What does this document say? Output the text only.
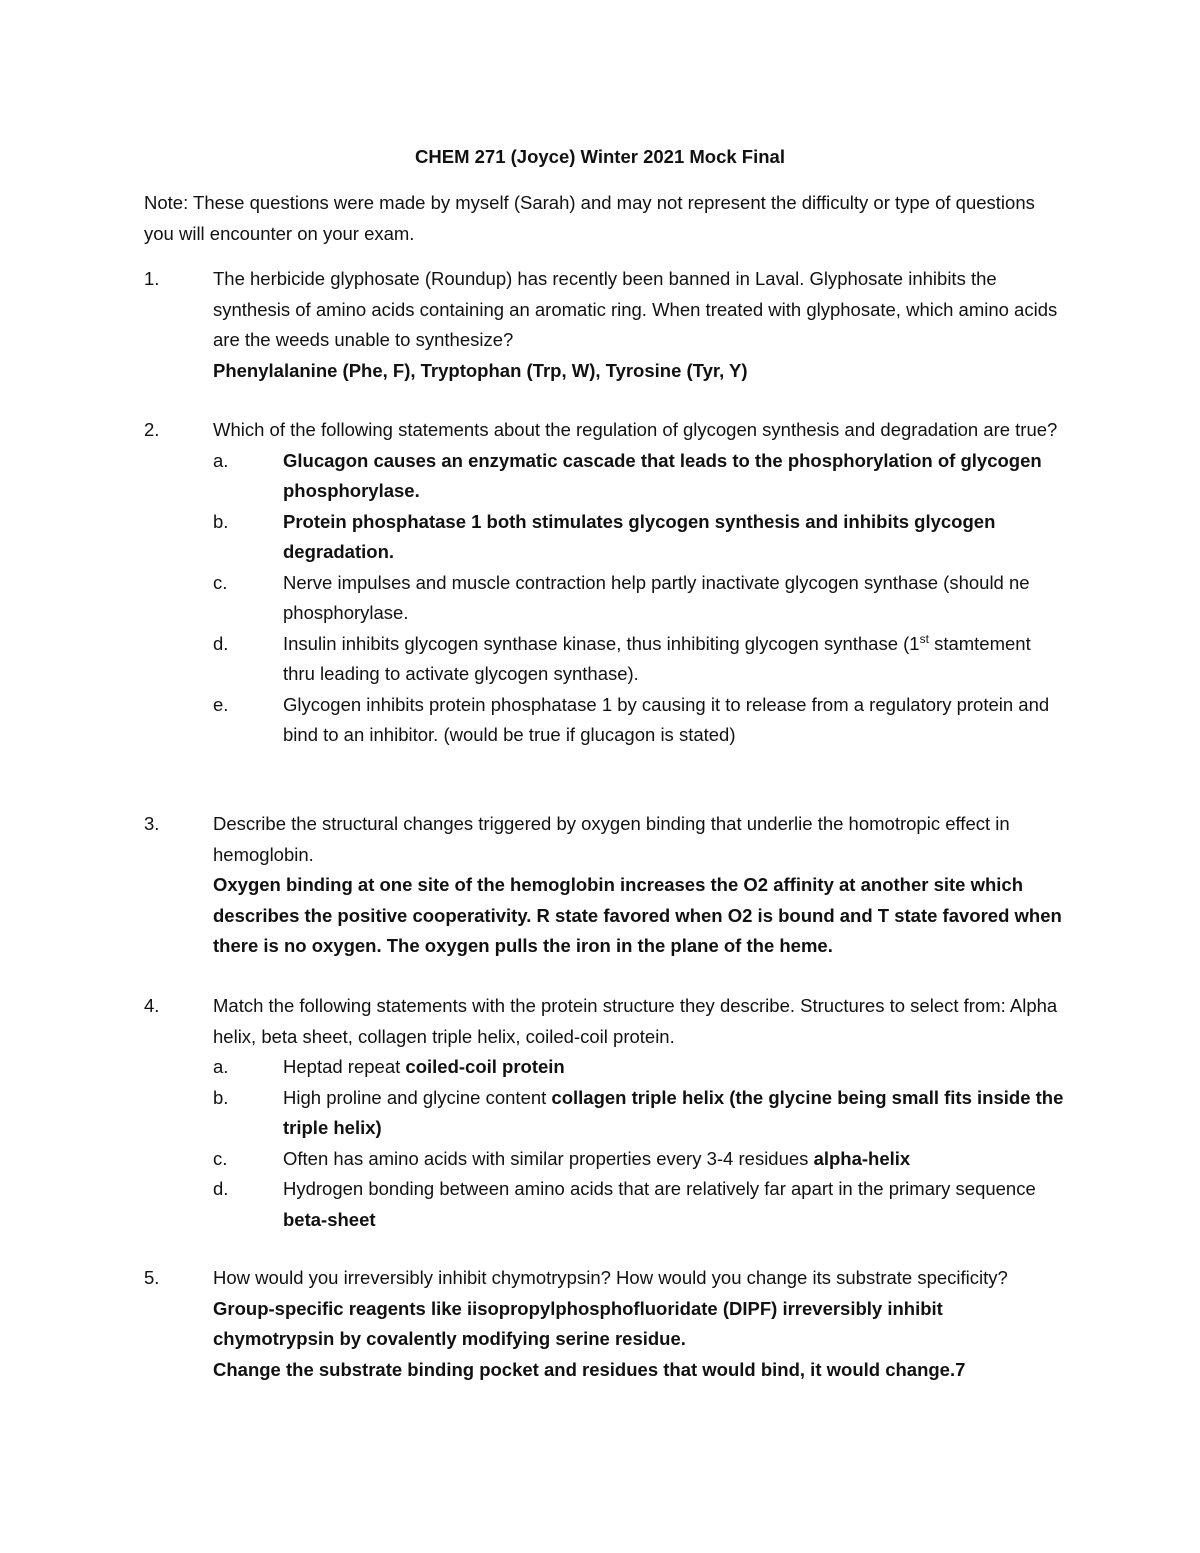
CHEM 271 (Joyce) Winter 2021 Mock Final
Note: These questions were made by myself (Sarah) and may not represent the difficulty or type of questions you will encounter on your exam.
1.	The herbicide glyphosate (Roundup) has recently been banned in Laval. Glyphosate inhibits the synthesis of amino acids containing an aromatic ring. When treated with glyphosate, which amino acids are the weeds unable to synthesize?
Phenylalanine (Phe, F), Tryptophan (Trp, W), Tyrosine (Tyr, Y)
2.	Which of the following statements about the regulation of glycogen synthesis and degradation are true?
a.	Glucagon causes an enzymatic cascade that leads to the phosphorylation of glycogen phosphorylase.
b.	Protein phosphatase 1 both stimulates glycogen synthesis and inhibits glycogen degradation.
c.	Nerve impulses and muscle contraction help partly inactivate glycogen synthase (should ne phosphorylase.
d.	Insulin inhibits glycogen synthase kinase, thus inhibiting glycogen synthase (1st stamtement thru leading to activate glycogen synthase).
e.	Glycogen inhibits protein phosphatase 1 by causing it to release from a regulatory protein and bind to an inhibitor. (would be true if glucagon is stated)
3.	Describe the structural changes triggered by oxygen binding that underlie the homotropic effect in hemoglobin.
Oxygen binding at one site of the hemoglobin increases the O2 affinity at another site which describes the positive cooperativity. R state favored when O2 is bound and T state favored when there is no oxygen. The oxygen pulls the iron in the plane of the heme.
4.	Match the following statements with the protein structure they describe. Structures to select from: Alpha helix, beta sheet, collagen triple helix, coiled-coil protein.
a.	Heptad repeat coiled-coil protein
b.	High proline and glycine content collagen triple helix (the glycine being small fits inside the triple helix)
c.	Often has amino acids with similar properties every 3-4 residues alpha-helix
d.	Hydrogen bonding between amino acids that are relatively far apart in the primary sequence beta-sheet
5.	How would you irreversibly inhibit chymotrypsin? How would you change its substrate specificity?
Group-specific reagents like iisopropylphosphofluoridate (DIPF) irreversibly inhibit chymotrypsin by covalently modifying serine residue.
Change the substrate binding pocket and residues that would bind, it would change.7
